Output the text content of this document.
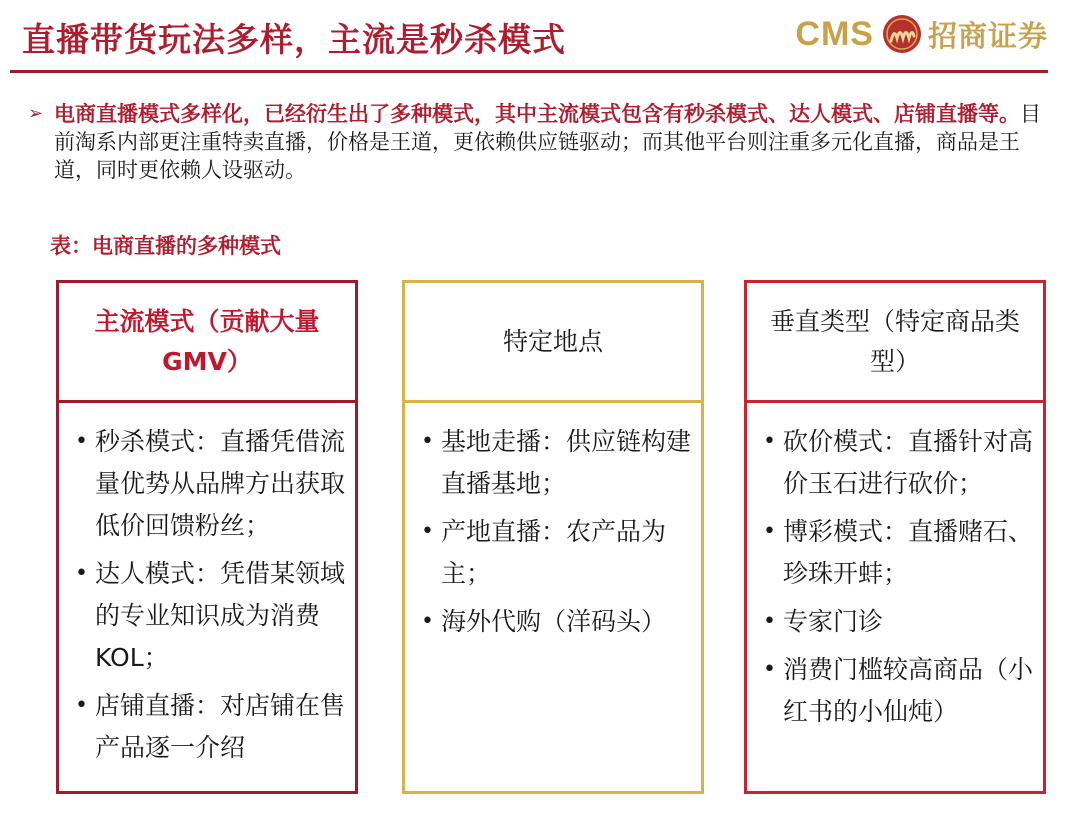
直播带货玩法多样，主流是秒杀模式	CMS 招商证券
➢ 电商直播模式多样化，已经衍生出了多种模式，其中主流模式包含有秒杀模式、达人模式、店铺直播等。目前淘系内部更注重特卖直播，价格是王道，更依赖供应链驱动；而其他平台则注重多元化直播，商品是王道，同时更依赖人设驱动。

表：电商直播的多种模式
主流模式（贡献大量GMV）
• 秒杀模式：直播凭借流量优势从品牌方出获取低价回馈粉丝；
• 达人模式：凭借某领域的专业知识成为消费KOL；
• 店铺直播：对店铺在售产品逐一介绍
特定地点
• 基地走播：供应链构建直播基地；
• 产地直播：农产品为主；
• 海外代购（洋码头）
垂直类型（特定商品类型）
• 砍价模式：直播针对高价玉石进行砍价；
• 博彩模式：直播赌石、珍珠开蚌；
• 专家门诊
• 消费门槛较高商品（小红书的小仙炖）
